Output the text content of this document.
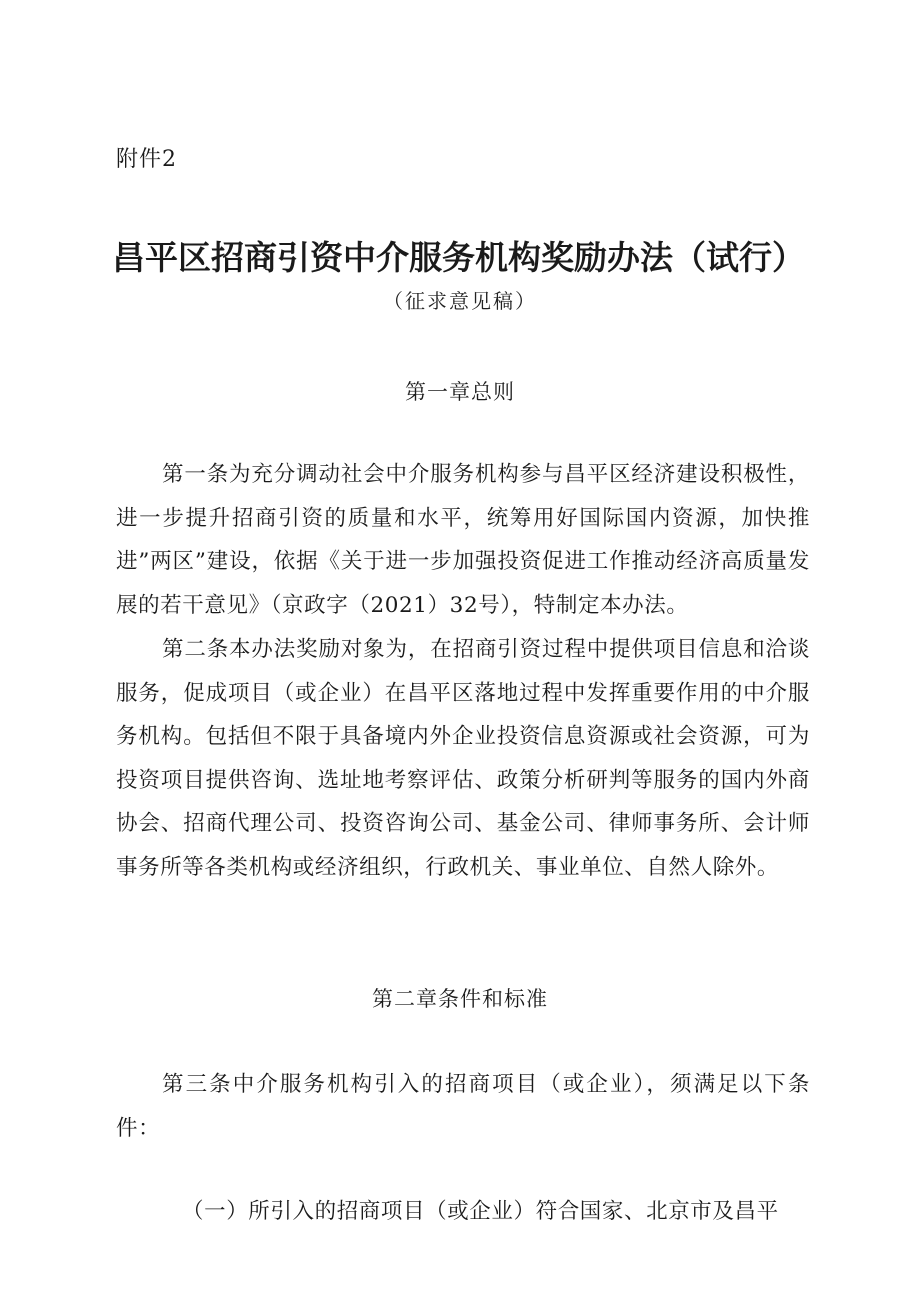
附件2
昌平区招商引资中介服务机构奖励办法（试行）
（征求意见稿）
第一章总则

第一条为充分调动社会中介服务机构参与昌平区经济建设积极性，进一步提升招商引资的质量和水平，统筹用好国际国内资源，加快推进”两区”建设，依据《关于进一步加强投资促进工作推动经济高质量发展的若干意见》（京政字（2021）32号），特制定本办法。

第二条本办法奖励对象为，在招商引资过程中提供项目信息和洽谈服务，促成项目（或企业）在昌平区落地过程中发挥重要作用的中介服务机构。包括但不限于具备境内外企业投资信息资源或社会资源，可为投资项目提供咨询、选址地考察评估、政策分析研判等服务的国内外商协会、招商代理公司、投资咨询公司、基金公司、律师事务所、会计师事务所等各类机构或经济组织，行政机关、事业单位、自然人除外。

第二章条件和标准

第三条中介服务机构引入的招商项目（或企业），须满足以下条件：

（一）所引入的招商项目（或企业）符合国家、北京市及昌平
